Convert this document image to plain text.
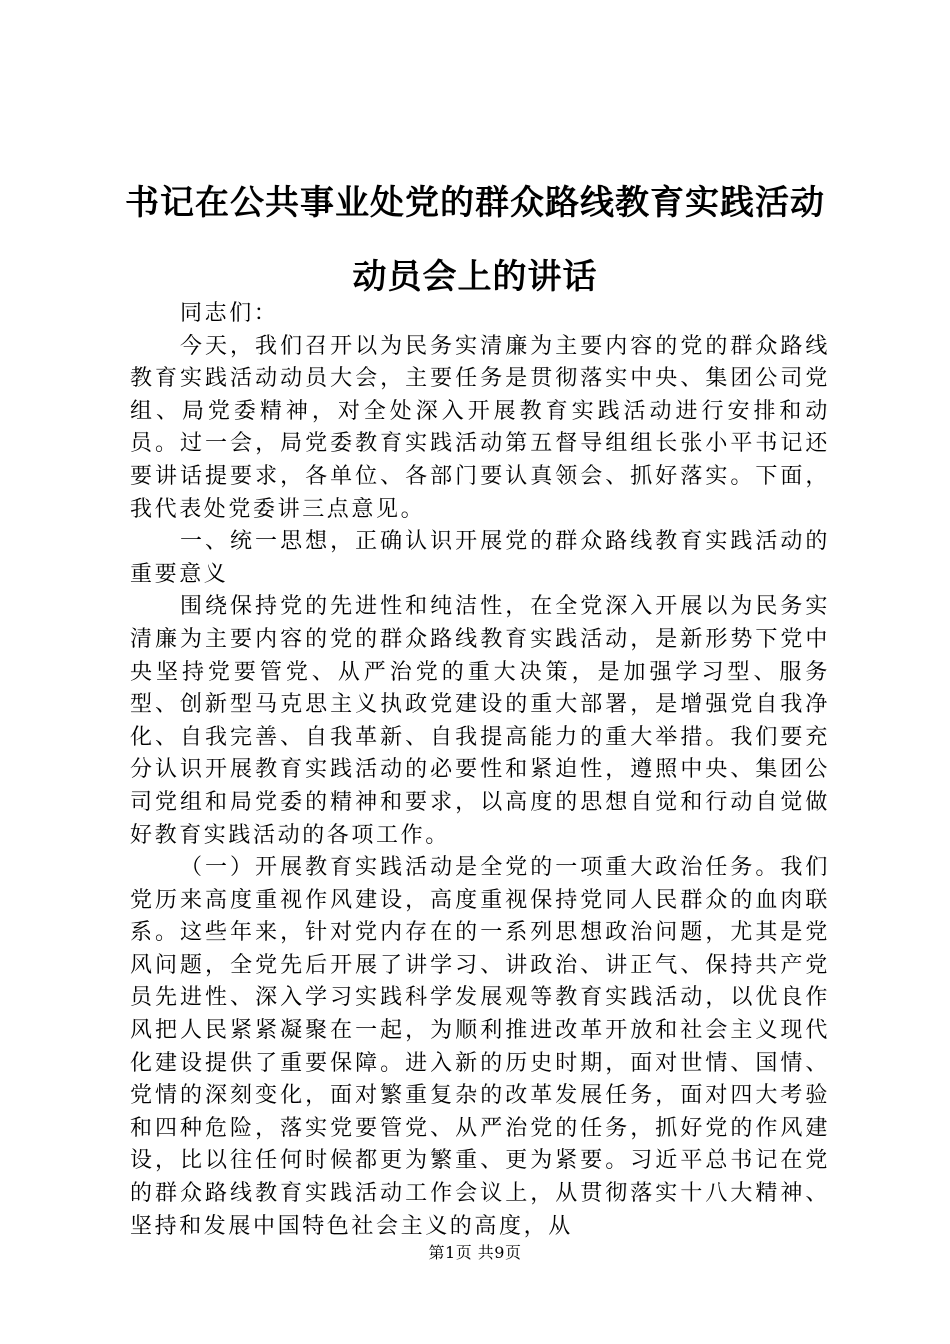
书记在公共事业处党的群众路线教育实践活动
动员会上的讲话

同志们：

今天，我们召开以为民务实清廉为主要内容的党的群众路线教育实践活动动员大会，主要任务是贯彻落实中央、集团公司党组、局党委精神，对全处深入开展教育实践活动进行安排和动员。过一会，局党委教育实践活动第五督导组组长张小平书记还要讲话提要求，各单位、各部门要认真领会、抓好落实。下面，我代表处党委讲三点意见。

一、统一思想，正确认识开展党的群众路线教育实践活动的重要意义

围绕保持党的先进性和纯洁性，在全党深入开展以为民务实清廉为主要内容的党的群众路线教育实践活动，是新形势下党中央坚持党要管党、从严治党的重大决策，是加强学习型、服务型、创新型马克思主义执政党建设的重大部署，是增强党自我净化、自我完善、自我革新、自我提高能力的重大举措。我们要充分认识开展教育实践活动的必要性和紧迫性，遵照中央、集团公司党组和局党委的精神和要求，以高度的思想自觉和行动自觉做好教育实践活动的各项工作。

（一）开展教育实践活动是全党的一项重大政治任务。我们党历来高度重视作风建设，高度重视保持党同人民群众的血肉联系。这些年来，针对党内存在的一系列思想政治问题，尤其是党风问题，全党先后开展了讲学习、讲政治、讲正气、保持共产党员先进性、深入学习实践科学发展观等教育实践活动，以优良作风把人民紧紧凝聚在一起，为顺利推进改革开放和社会主义现代化建设提供了重要保障。进入新的历史时期，面对世情、国情、党情的深刻变化，面对繁重复杂的改革发展任务，面对四大考验和四种危险，落实党要管党、从严治党的任务，抓好党的作风建设，比以往任何时候都更为繁重、更为紧要。习近平总书记在党的群众路线教育实践活动工作会议上，从贯彻落实十八大精神、坚持和发展中国特色社会主义的高度，从

第1页 共9页
